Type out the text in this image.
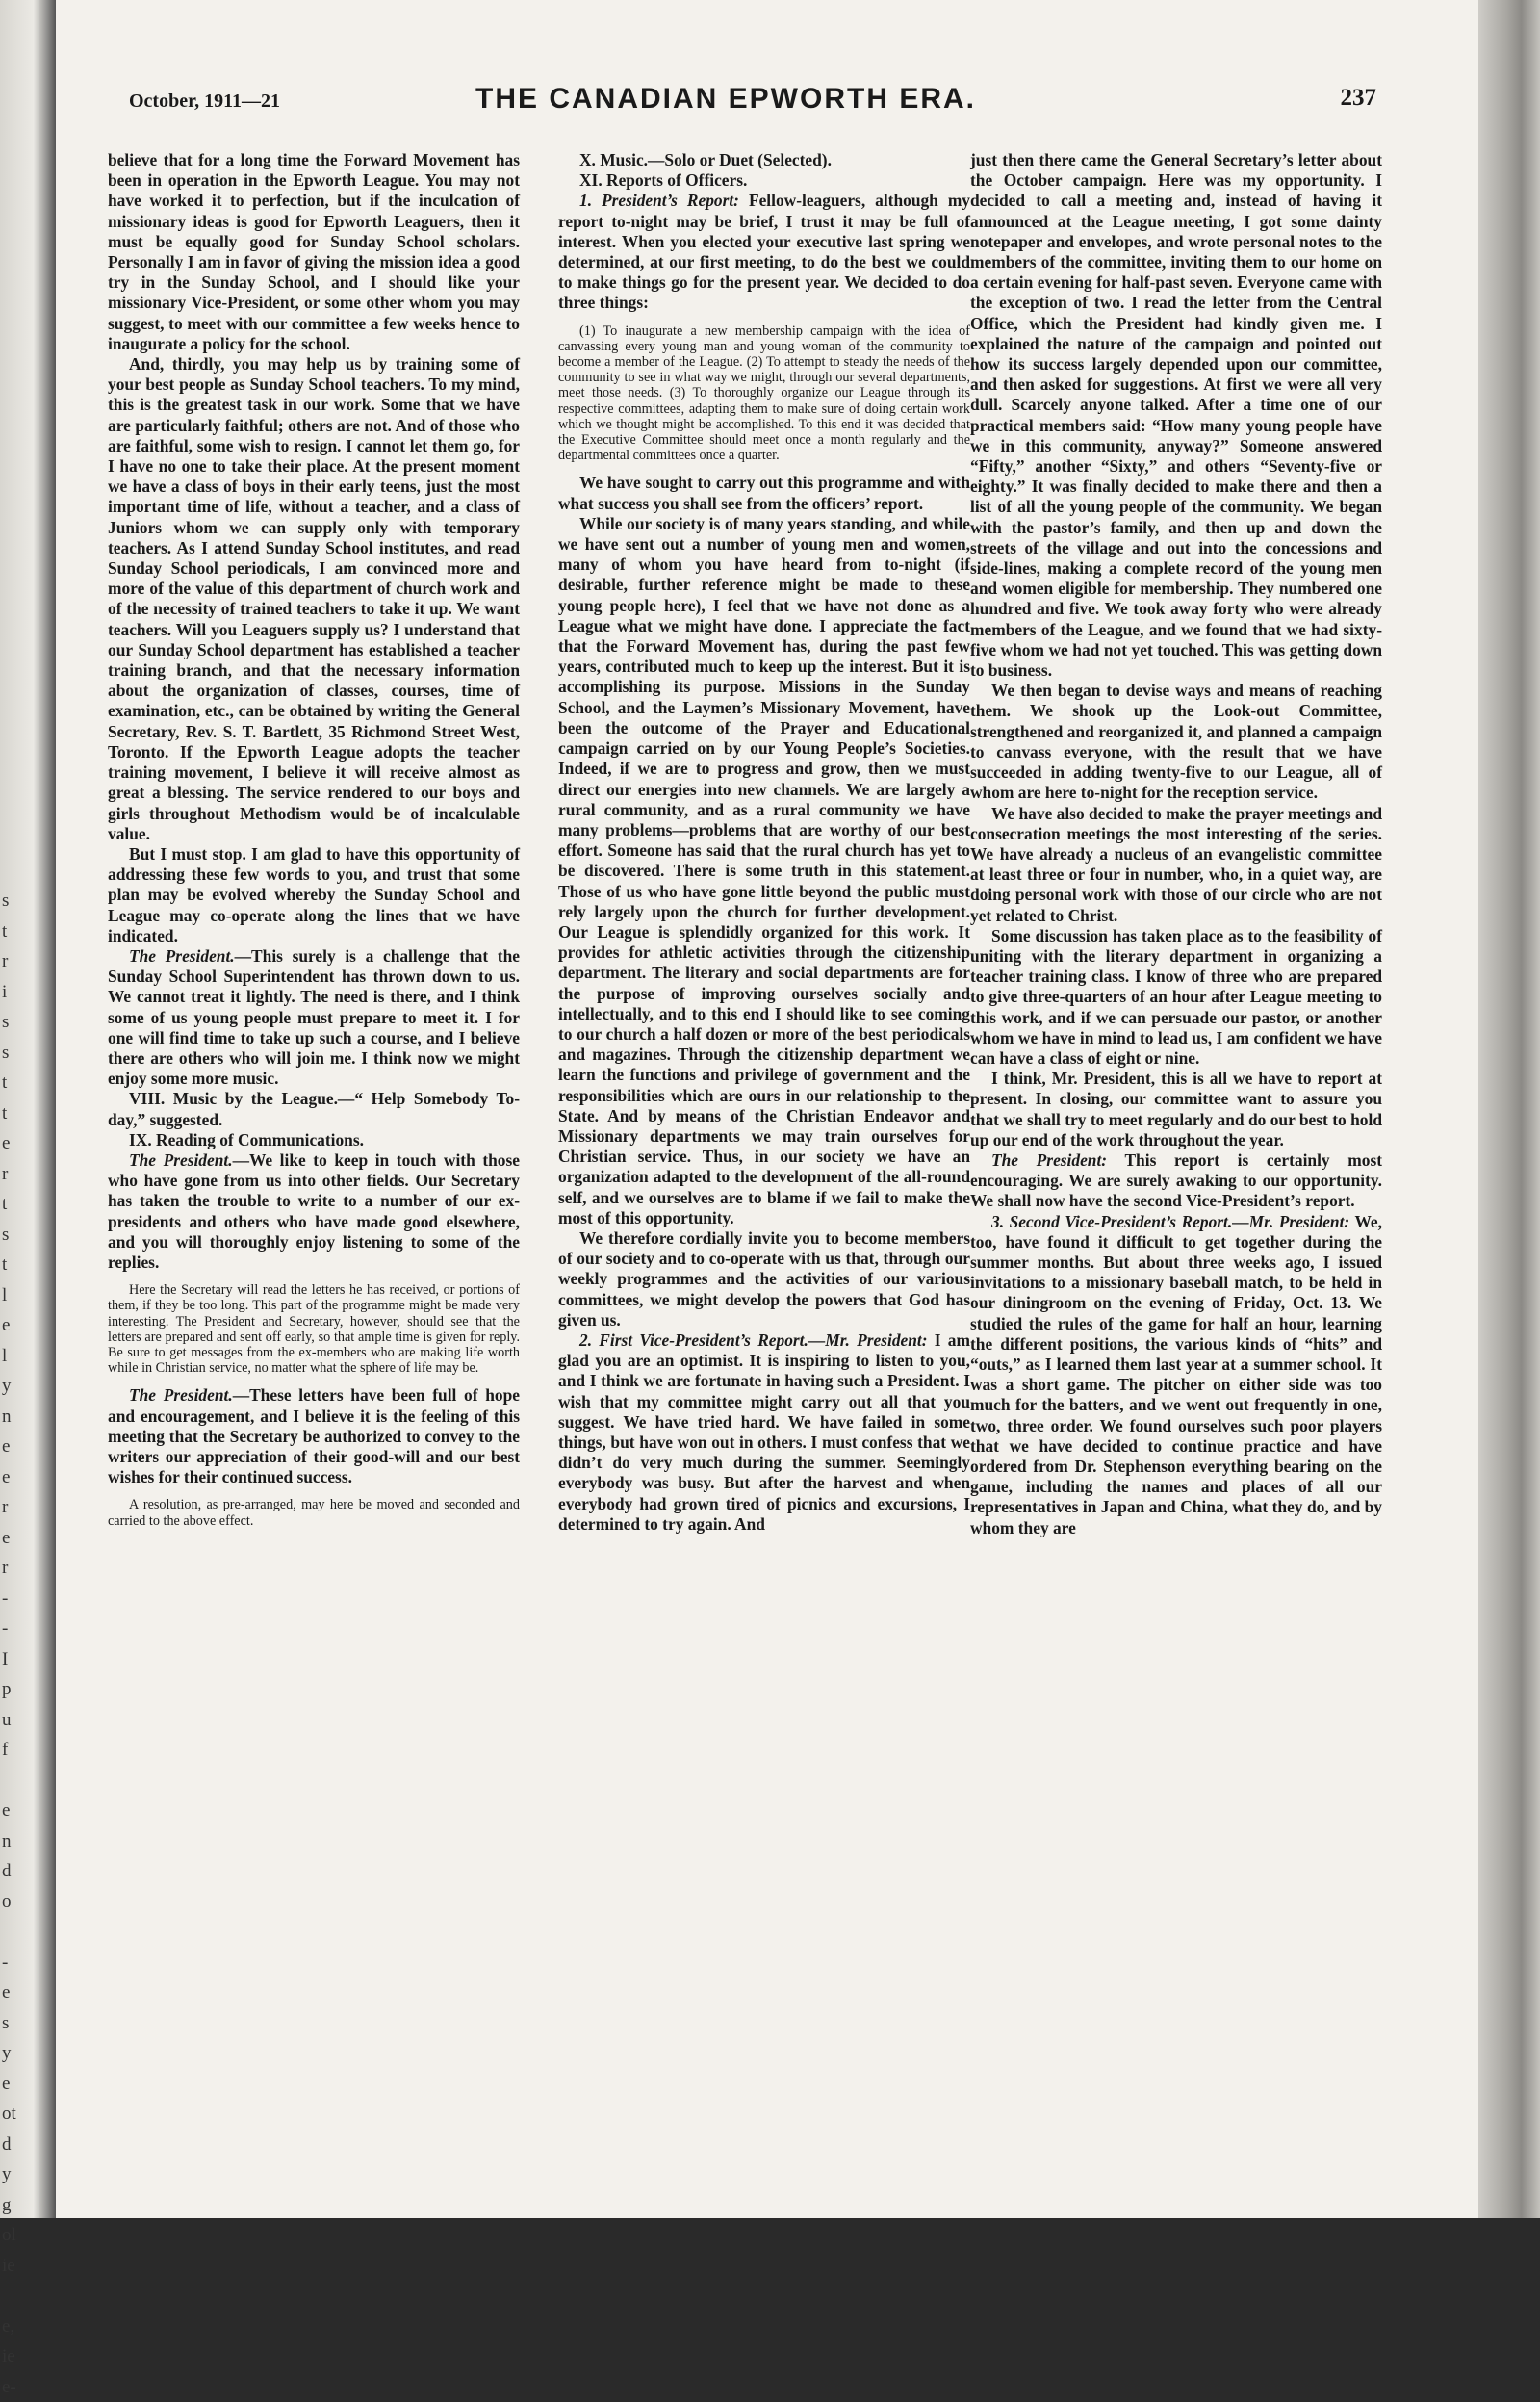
s
t
r
i
s
s
t
t
e
r
t
s
t
l
e
l
y
n
e
e
r
e
r
-
-
I
p
u
f
e
n
d
o
-
e
s
y
e
ot
d
y
g
ol
ie
e,
ie
e-
October, 1911—21	THE CANADIAN EPWORTH ERA.	237

believe that for a long time the Forward Movement has been in operation in the Epworth League. You may not have worked it to perfection, but if the inculcation of missionary ideas is good for Epworth Leaguers, then it must be equally good for Sunday School scholars. Personally I am in favor of giving the mission idea a good try in the Sunday School, and I should like your missionary Vice-President, or some other whom you may suggest, to meet with our committee a few weeks hence to inaugurate a policy for the school.

And, thirdly, you may help us by training some of your best people as Sunday School teachers. To my mind, this is the greatest task in our work. Some that we have are particularly faithful; others are not. And of those who are faithful, some wish to resign. I cannot let them go, for I have no one to take their place. At the present moment we have a class of boys in their early teens, just the most important time of life, without a teacher, and a class of Juniors whom we can supply only with temporary teachers. As I attend Sunday School institutes, and read Sunday School periodicals, I am convinced more and more of the value of this department of church work and of the necessity of trained teachers to take it up. We want teachers. Will you Leaguers supply us? I understand that our Sunday School department has established a teacher training branch, and that the necessary information about the organization of classes, courses, time of examination, etc., can be obtained by writing the General Secretary, Rev. S. T. Bartlett, 35 Richmond Street West, Toronto. If the Epworth League adopts the teacher training movement, I believe it will receive almost as great a blessing. The service rendered to our boys and girls throughout Methodism would be of incalculable value.

But I must stop. I am glad to have this opportunity of addressing these few words to you, and trust that some plan may be evolved whereby the Sunday School and League may co-operate along the lines that we have indicated.

The President.—This surely is a challenge that the Sunday School Superintendent has thrown down to us. We cannot treat it lightly. The need is there, and I think some of us young people must prepare to meet it. I for one will find time to take up such a course, and I believe there are others who will join me. I think now we might enjoy some more music.

VIII. Music by the League.—“ Help Somebody To-day,” suggested.

IX. Reading of Communications.

The President.—We like to keep in touch with those who have gone from us into other fields. Our Secretary has taken the trouble to write to a number of our ex-presidents and others who have made good elsewhere, and you will thoroughly enjoy listening to some of the replies.

Here the Secretary will read the letters he has received, or portions of them, if they be too long. This part of the programme might be made very interesting. The President and Secretary, however, should see that the letters are prepared and sent off early, so that ample time is given for reply. Be sure to get messages from the ex-members who are making life worth while in Christian service, no matter what the sphere of life may be.

The President.—These letters have been full of hope and encouragement, and I believe it is the feeling of this meeting that the Secretary be authorized to convey to the writers our appreciation of their good-will and our best wishes for their continued success.

A resolution, as pre-arranged, may here be moved and seconded and carried to the above effect.

X. Music.—Solo or Duet (Selected).

XI. Reports of Officers.

1. President’s Report: Fellow-leaguers, although my report to-night may be brief, I trust it may be full of interest. When you elected your executive last spring we determined, at our first meeting, to do the best we could to make things go for the present year. We decided to do three things:

(1) To inaugurate a new membership campaign with the idea of canvassing every young man and young woman of the community to become a member of the League. (2) To attempt to steady the needs of the community to see in what way we might, through our several departments, meet those needs. (3) To thoroughly organize our League through its respective committees, adapting them to make sure of doing certain work which we thought might be accomplished. To this end it was decided that the Executive Committee should meet once a month regularly and the departmental committees once a quarter.

We have sought to carry out this programme and with what success you shall see from the officers’ report.

While our society is of many years standing, and while we have sent out a number of young men and women, many of whom you have heard from to-night (if desirable, further reference might be made to these young people here), I feel that we have not done as a League what we might have done. I appreciate the fact that the Forward Movement has, during the past few years, contributed much to keep up the interest. But it is accomplishing its purpose. Missions in the Sunday School, and the Laymen’s Missionary Movement, have been the outcome of the Prayer and Educational campaign carried on by our Young People’s Societies. Indeed, if we are to progress and grow, then we must direct our energies into new channels. We are largely a rural community, and as a rural community we have many problems—problems that are worthy of our best effort. Someone has said that the rural church has yet to be discovered. There is some truth in this statement. Those of us who have gone little beyond the public must rely largely upon the church for further development. Our League is splendidly organized for this work. It provides for athletic activities through the citizenship department. The literary and social departments are for the purpose of improving ourselves socially and intellectually, and to this end I should like to see coming to our church a half dozen or more of the best periodicals and magazines. Through the citizenship department we learn the functions and privilege of government and the responsibilities which are ours in our relationship to the State. And by means of the Christian Endeavor and Missionary departments we may train ourselves for Christian service. Thus, in our society we have an organization adapted to the development of the all-round self, and we ourselves are to blame if we fail to make the most of this opportunity.

We therefore cordially invite you to become members of our society and to co-operate with us that, through our weekly programmes and the activities of our various committees, we might develop the powers that God has given us.

2. First Vice-President’s Report.—Mr. President: I am glad you are an optimist. It is inspiring to listen to you, and I think we are fortunate in having such a President. I wish that my committee might carry out all that you suggest. We have tried hard. We have failed in some things, but have won out in others. I must confess that we didn’t do very much during the summer. Seemingly everybody was busy. But after the harvest and when everybody had grown tired of picnics and excursions, I determined to try again. And

just then there came the General Secretary’s letter about the October campaign. Here was my opportunity. I decided to call a meeting and, instead of having it announced at the League meeting, I got some dainty notepaper and envelopes, and wrote personal notes to the members of the committee, inviting them to our home on a certain evening for half-past seven. Everyone came with the exception of two. I read the letter from the Central Office, which the President had kindly given me. I explained the nature of the campaign and pointed out how its success largely depended upon our committee, and then asked for suggestions. At first we were all very dull. Scarcely anyone talked. After a time one of our practical members said: “How many young people have we in this community, anyway?” Someone answered “Fifty,” another “Sixty,” and others “Seventy-five or eighty.” It was finally decided to make there and then a list of all the young people of the community. We began with the pastor’s family, and then up and down the streets of the village and out into the concessions and side-lines, making a complete record of the young men and women eligible for membership. They numbered one hundred and five. We took away forty who were already members of the League, and we found that we had sixty-five whom we had not yet touched. This was getting down to business.

We then began to devise ways and means of reaching them. We shook up the Look-out Committee, strengthened and reorganized it, and planned a campaign to canvass everyone, with the result that we have succeeded in adding twenty-five to our League, all of whom are here to-night for the reception service.

We have also decided to make the prayer meetings and consecration meetings the most interesting of the series. We have already a nucleus of an evangelistic committee at least three or four in number, who, in a quiet way, are doing personal work with those of our circle who are not yet related to Christ.

Some discussion has taken place as to the feasibility of uniting with the literary department in organizing a teacher training class. I know of three who are prepared to give three-quarters of an hour after League meeting to this work, and if we can persuade our pastor, or another whom we have in mind to lead us, I am confident we have can have a class of eight or nine.

I think, Mr. President, this is all we have to report at present. In closing, our committee want to assure you that we shall try to meet regularly and do our best to hold up our end of the work throughout the year.

The President: This report is certainly most encouraging. We are surely awaking to our opportunity. We shall now have the second Vice-President’s report.

3. Second Vice-President’s Report.—Mr. President: We, too, have found it difficult to get together during the summer months. But about three weeks ago, I issued invitations to a missionary baseball match, to be held in our diningroom on the evening of Friday, Oct. 13. We studied the rules of the game for half an hour, learning the different positions, the various kinds of “hits” and “outs,” as I learned them last year at a summer school. It was a short game. The pitcher on either side was too much for the batters, and we went out frequently in one, two, three order. We found ourselves such poor players that we have decided to continue practice and have ordered from Dr. Stephenson everything bearing on the game, including the names and places of all our representatives in Japan and China, what they do, and by whom they are
